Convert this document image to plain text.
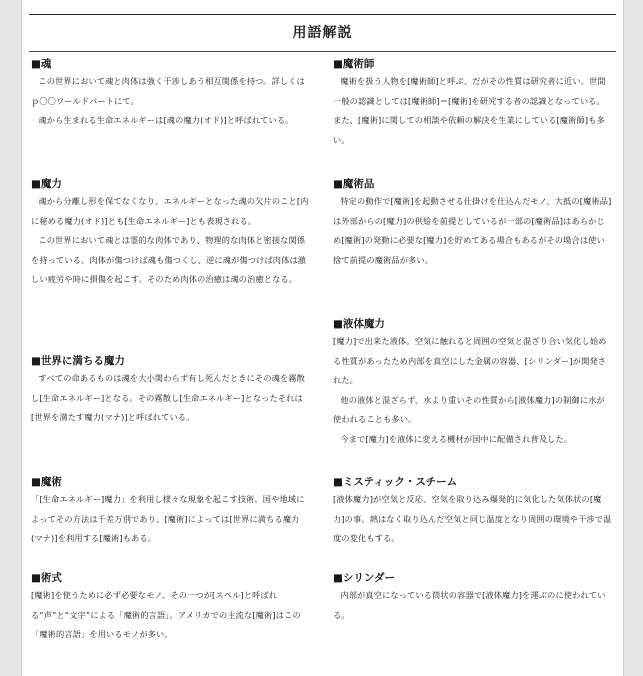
用語解説
■魂

この世界において魂と肉体は強く干渉しあう相互関係を持つ。詳しくはｐ〇〇ワールドパートにて。

魂から生まれる生命エネルギーは[魂の魔力(オド)]と呼ばれている。

■魔力

魂から分離し形を保てなくなり、エネルギーとなった魂の欠片のこと[内に秘める魔力(オド)]とも[生命エネルギー]とも表現される。

この世界において魂とは霊的な肉体であり、物理的な肉体と密接な関係を持っている。肉体が傷つけば魂も傷つくし、逆に魂が傷つけば肉体は激しい疲労や時に損傷を起こす。そのため肉体の治癒は魂の治癒となる。

■世界に満ちる魔力

すべての命あるものは魂を大小関わらず有し死んだときにその魂を霧散し[生命エネルギー]となる。その霧散し[生命エネルギー]となったそれは[世界を満たす魔力(マナ)]と呼ばれている。

■魔術

「[生命エネルギー]魔力」を利用し様々な現象を起こす技術。国や地域によってその方法は千差万別であり、[魔術]によっては[世界に満ちる魔力(マナ)]を利用する[魔術]もある。

■術式

[魔術]を使うために必ず必要なモノ、その一つが[スペル]と呼ばれる“声”と“文字”による「魔術的言語」。アメリカでの主流な[魔術]はこの「魔術的言語」を用いるモノが多い。

■魔術師

魔術を扱う人物を[魔術師]と呼ぶ、だがその性質は研究者に近い。世間一般の認識としては[魔術師]＝[魔術]を研究する者の認識となっている。また、[魔術]に関しての相談や依頼の解決を生業にしている[魔術師]も多い。

■魔術品

特定の動作で[魔術]を起動させる仕掛けを仕込んだモノ、大抵の[魔術品]は外部からの[魔力]の供給を前提としているが一部の[魔術品]はあらかじめ[魔術]の発動に必要な[魔力]を貯めてある場合もあるがその場合は使い捨て前提の魔術品が多い。

■液体魔力

[魔力]で出来た液体。空気に触れると周囲の空気と混ざり合い気化し始める性質があったため内部を真空にした金属の容器、[シリンダー]が開発された。

他の液体と混ざらず、水より重いその性質から[液体魔力]の制御に水が使われることも多い。

今まで[魔力]を液体に変える機材が国中に配備され普及した。

■ミスティック・スチーム

[液体魔力]が空気と反応、空気を取り込み爆発的に気化した気体状の[魔力]の事。熱はなく取り込んだ空気と同じ温度となり周囲の環境や干渉で温度の変化もする。

■シリンダー

内部が真空になっている筒状の容器で[液体魔力]を運ぶのに使われている。
